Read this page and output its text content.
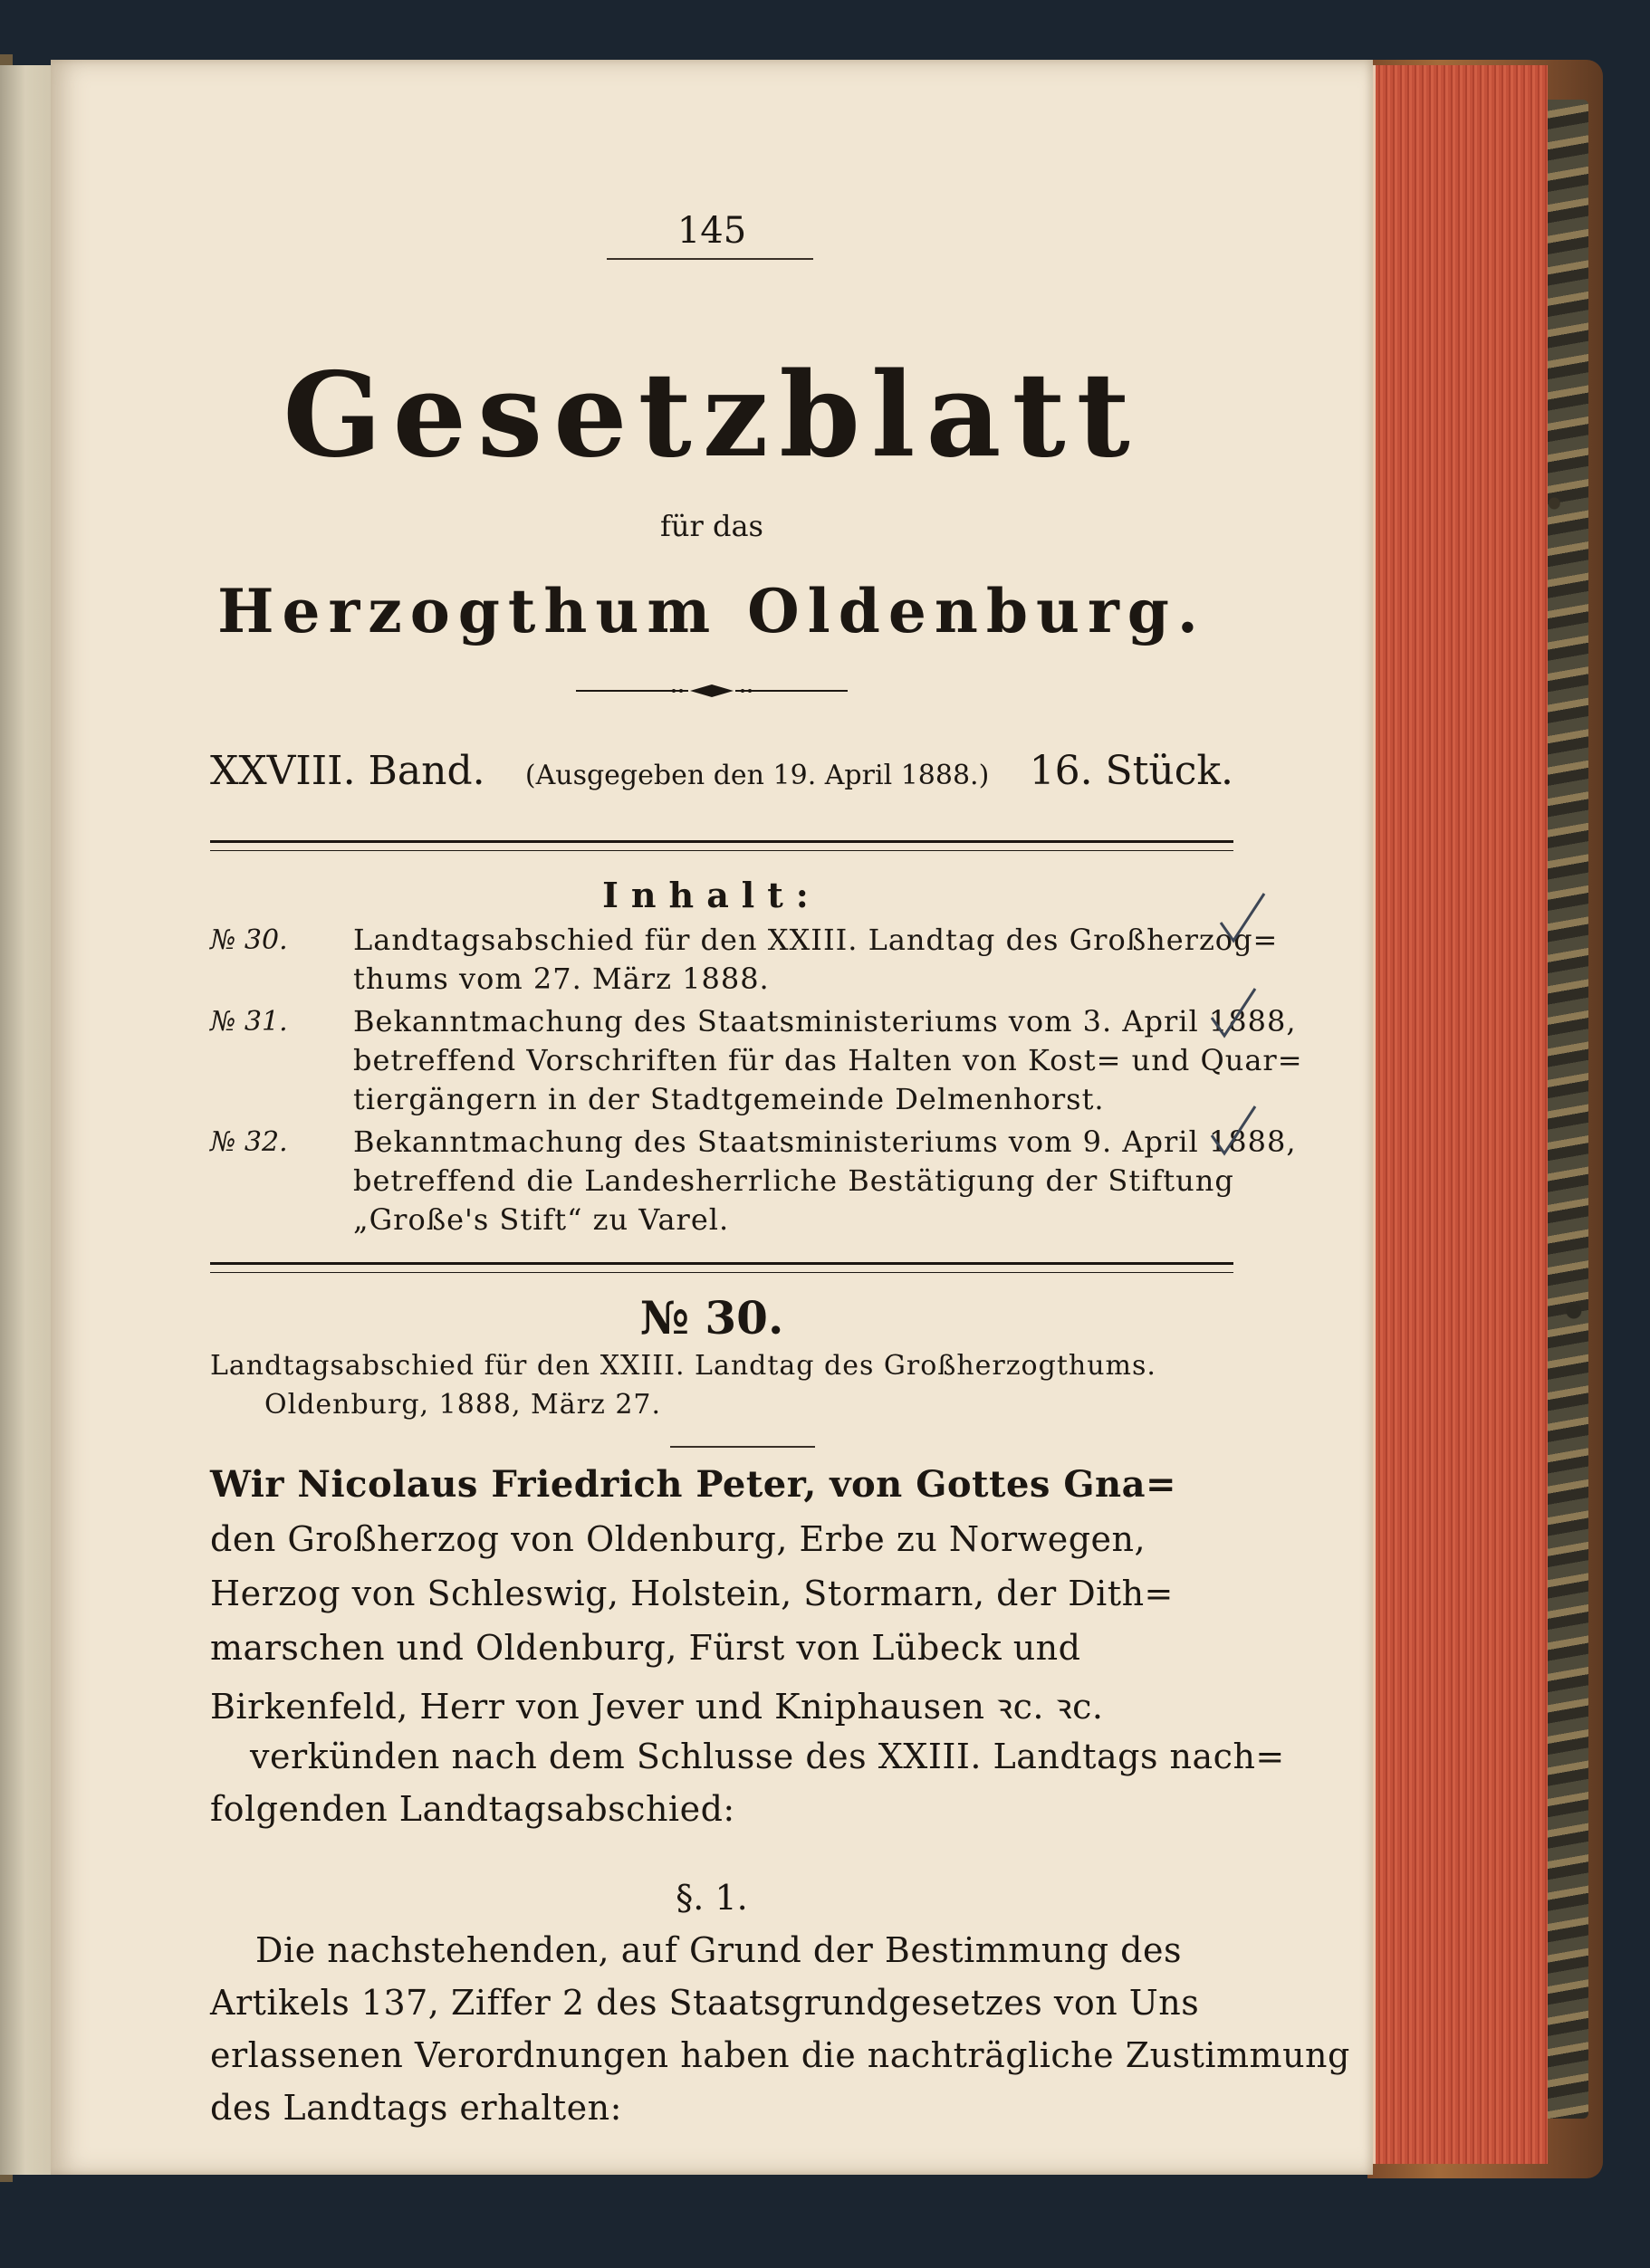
145
Gesetzblatt
für das
Herzogthum Oldenburg.
XXVIII. Band. (Ausgegeben den 19. April 1888.) 16. Stück.
Inhalt:
№ 30. Landtagsabschied für den XXIII. Landtag des Großherzog=
thums vom 27. März 1888.
№ 31. Bekanntmachung des Staatsministeriums vom 3. April 1888,
betreffend Vorschriften für das Halten von Kost= und Quar=
tiergängern in der Stadtgemeinde Delmenhorst.
№ 32. Bekanntmachung des Staatsministeriums vom 9. April 1888,
betreffend die Landesherrliche Bestätigung der Stiftung
„Große's Stift“ zu Varel.
№ 30.
Landtagsabschied für den XXIII. Landtag des Großherzogthums.
Oldenburg, 1888, März 27.
Wir Nicolaus Friedrich Peter, von Gottes Gna=
den Großherzog von Oldenburg, Erbe zu Norwegen,
Herzog von Schleswig, Holstein, Stormarn, der Dith=
marschen und Oldenburg, Fürst von Lübeck und
Birkenfeld, Herr von Jever und Kniphausen ꝛc. ꝛc.
verkünden nach dem Schlusse des XXIII. Landtags nach=
folgenden Landtagsabschied:
§. 1.
Die nachstehenden, auf Grund der Bestimmung des
Artikels 137, Ziffer 2 des Staatsgrundgesetzes von Uns
erlassenen Verordnungen haben die nachträgliche Zustimmung
des Landtags erhalten:
